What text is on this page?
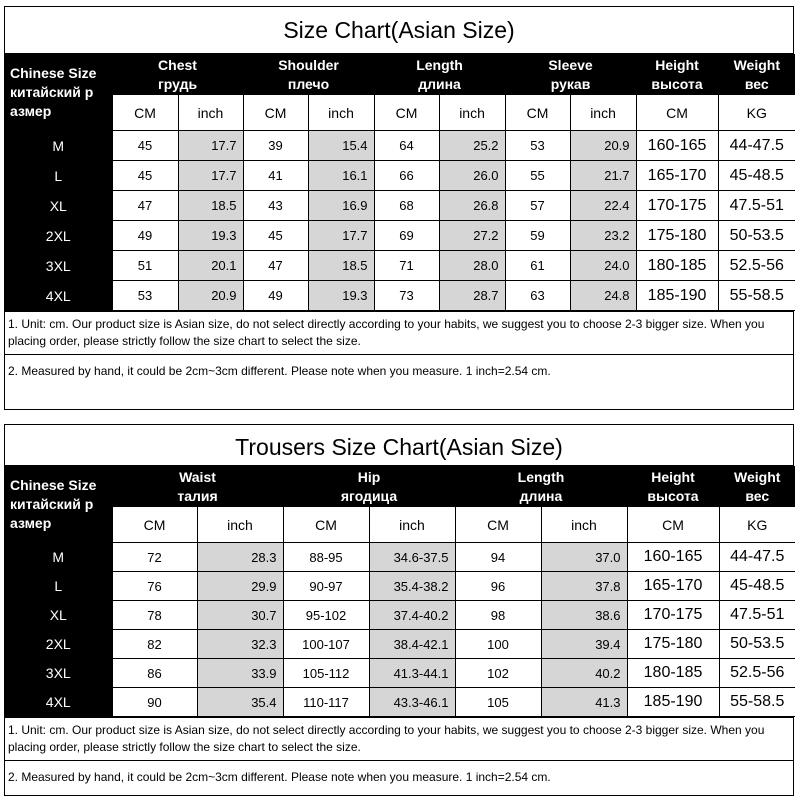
Size Chart(Asian Size)
Chinese Size
китайский р
азмер	Chest
грудь		Shoulder
плечо		Length
длина		Sleeve
рукав		Height
высота	Weight
вес

	CM	inch	CM	inch	CM	inch	CM	inch	CM	KG
M	45	17.7	39	15.4	64	25.2	53	20.9	160-165	44-47.5
L	45	17.7	41	16.1	66	26.0	55	21.7	165-170	45-48.5
XL	47	18.5	43	16.9	68	26.8	57	22.4	170-175	47.5-51
2XL	49	19.3	45	17.7	69	27.2	59	23.2	175-180	50-53.5
3XL	51	20.1	47	18.5	71	28.0	61	24.0	180-185	52.5-56
4XL	53	20.9	49	19.3	73	28.7	63	24.8	185-190	55-58.5
1. Unit: cm. Our product size is Asian size, do not select directly according to your habits, we suggest you to choose 2-3 bigger size. When you placing order, please strictly follow the size chart to select the size.
2. Measured by hand, it could be 2cm~3cm different. Please note when you measure. 1 inch=2.54 cm.
Trousers Size Chart(Asian Size)
Chinese Size
китайский р
азмер	Waist
талия		Hip
ягодица		Length
длина		Height
высота	Weight
вес

	CM	inch	CM	inch	CM	inch	CM	KG
M	72	28.3	88-95	34.6-37.5	94	37.0	160-165	44-47.5
L	76	29.9	90-97	35.4-38.2	96	37.8	165-170	45-48.5
XL	78	30.7	95-102	37.4-40.2	98	38.6	170-175	47.5-51
2XL	82	32.3	100-107	38.4-42.1	100	39.4	175-180	50-53.5
3XL	86	33.9	105-112	41.3-44.1	102	40.2	180-185	52.5-56
4XL	90	35.4	110-117	43.3-46.1	105	41.3	185-190	55-58.5
1. Unit: cm. Our product size is Asian size, do not select directly according to your habits, we suggest you to choose 2-3 bigger size. When you placing order, please strictly follow the size chart to select the size.
2. Measured by hand, it could be 2cm~3cm different. Please note when you measure. 1 inch=2.54 cm.
